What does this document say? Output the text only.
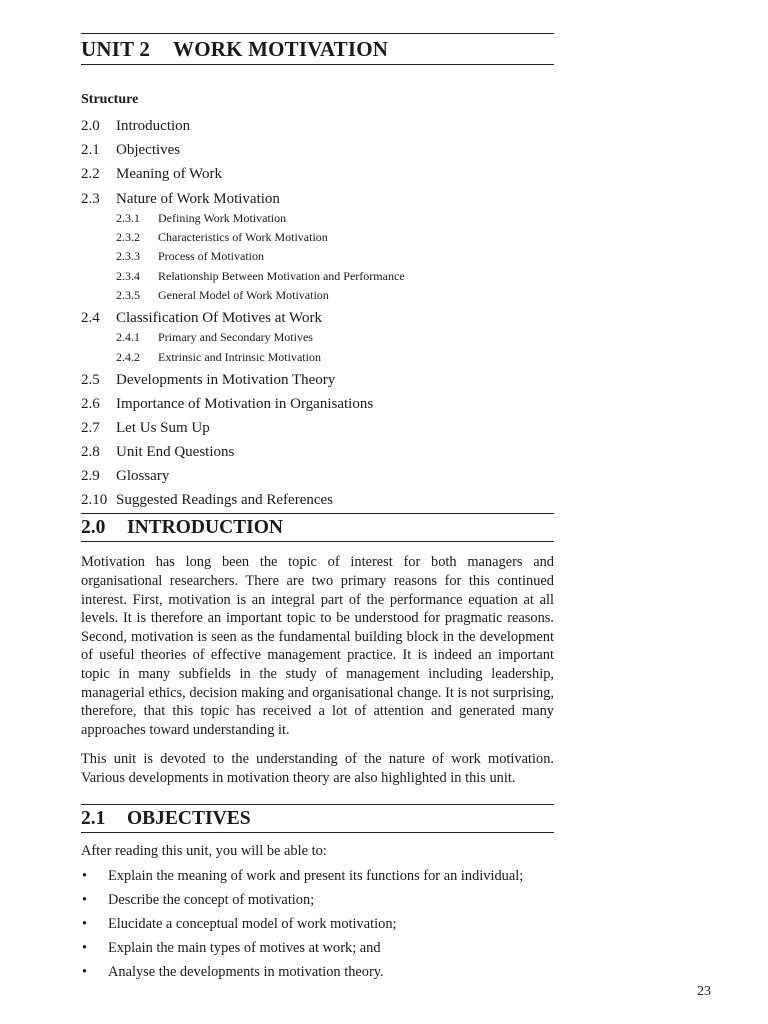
UNIT 2 WORK MOTIVATION
Structure
2.0 Introduction
2.1 Objectives
2.2 Meaning of Work
2.3 Nature of Work Motivation
2.3.1 Defining Work Motivation
2.3.2 Characteristics of Work Motivation
2.3.3 Process of Motivation
2.3.4 Relationship Between Motivation and Performance
2.3.5 General Model of Work Motivation
2.4 Classification Of Motives at Work
2.4.1 Primary and Secondary Motives
2.4.2 Extrinsic and Intrinsic Motivation
2.5 Developments in Motivation Theory
2.6 Importance of Motivation in Organisations
2.7 Let Us Sum Up
2.8 Unit End Questions
2.9 Glossary
2.10 Suggested Readings and References
2.0 INTRODUCTION

Motivation has long been the topic of interest for both managers and organisational researchers. There are two primary reasons for this continued interest. First, motivation is an integral part of the performance equation at all levels. It is therefore an important topic to be understood for pragmatic reasons. Second, motivation is seen as the fundamental building block in the development of useful theories of effective management practice. It is indeed an important topic in many subfields in the study of management including leadership, managerial ethics, decision making and organisational change. It is not surprising, therefore, that this topic has received a lot of attention and generated many approaches toward understanding it.

This unit is devoted to the understanding of the nature of work motivation. Various developments in motivation theory are also highlighted in this unit.

2.1 OBJECTIVES

After reading this unit, you will be able to:

• Explain the meaning of work and present its functions for an individual;
• Describe the concept of motivation;
• Elucidate a conceptual model of work motivation;
• Explain the main types of motives at work; and
• Analyse the developments in motivation theory.
23
